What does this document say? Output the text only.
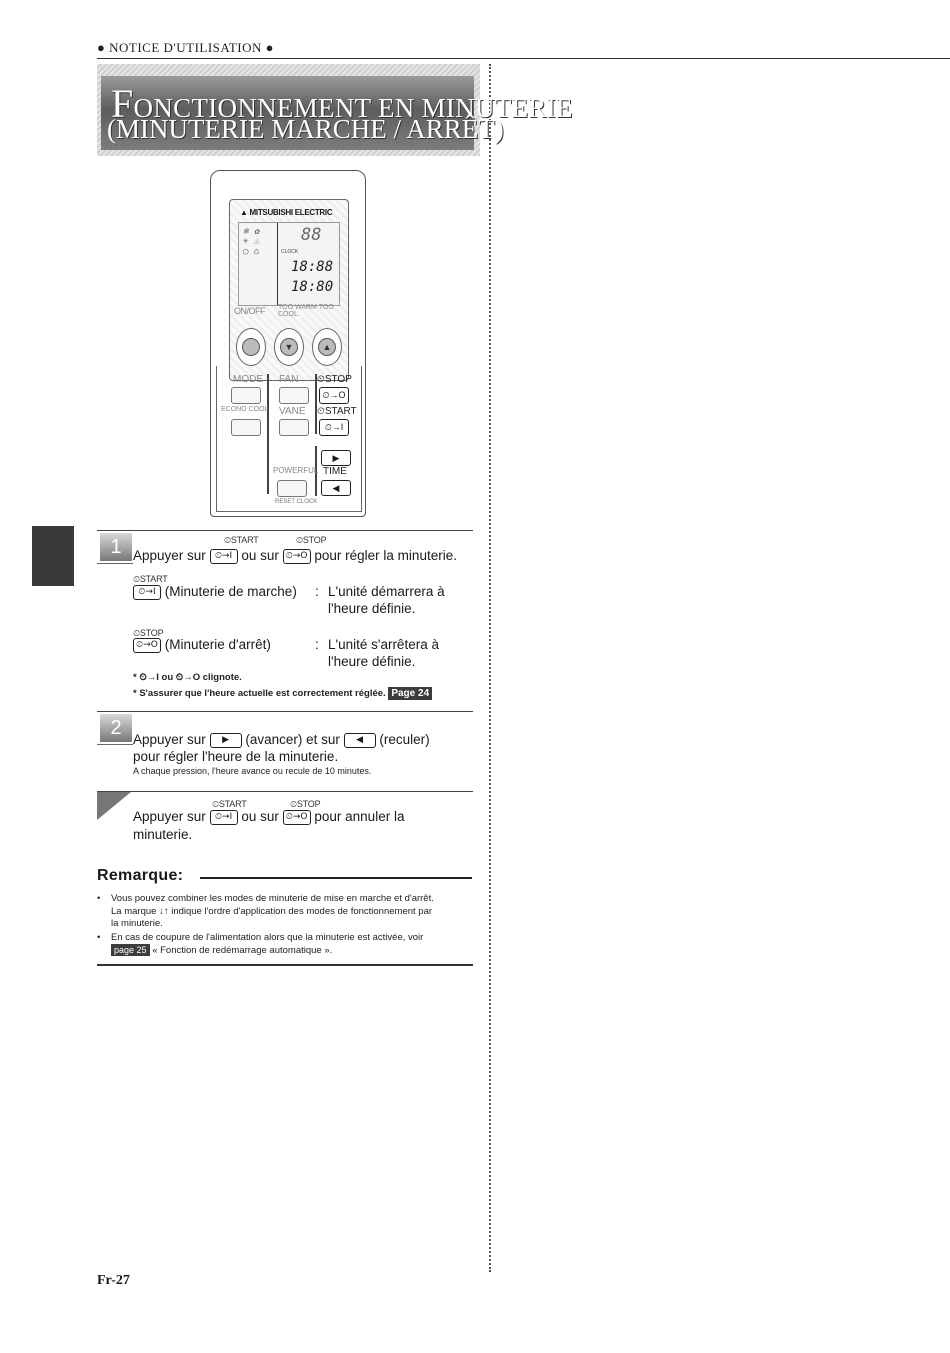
● NOTICE D'UTILISATION ●
FONCTIONNEMENT EN MINUTERIE
(MINUTERIE MARCHE / ARRÊT)
▲ MITSUBISHI ELECTRIC
❄ ✿
☀ ♨
◯ ⌂
88
CLOCK
18:88
18:80
ON/OFF TOO WARM TOO COOL
▼	▲
MODE FAN ⏲STOP
⏲→O
ECONO COOL VANE ⏲START
⏲→I
▶
POWERFUL TIME
◀
RESET CLOCK
1	⏲START	⏲STOP
Appuyer sur ⏲→I ou sur ⏲→O pour régler la minuterie.
⏲START
⏲→I (Minuterie de marche) : L'unité démarrera à
l'heure définie.
⏲STOP
⏲→O (Minuterie d'arrêt)	: L'unité s'arrêtera à
l'heure définie.
* ⏲→I ou ⏲→O clignote.
* S'assurer que l'heure actuelle est correctement réglée. Page 24
2
Appuyer sur ▶ (avancer) et sur ◀ (reculer)
pour régler l'heure de la minuterie.
A chaque pression, l'heure avance ou recule de 10 minutes.
⏲START	⏲STOP
Appuyer sur ⏲→I ou sur ⏲→O pour annuler la
minuterie.
Remarque:
• Vous pouvez combiner les modes de minuterie de mise en marche et d'arrêt.
La marque ↓↑ indique l'ordre d'application des modes de fonctionnement par
la minuterie.
• En cas de coupure de l'alimentation alors que la minuterie est activée, voir
page 25 « Fonction de redémarrage automatique ».
Fr-27
